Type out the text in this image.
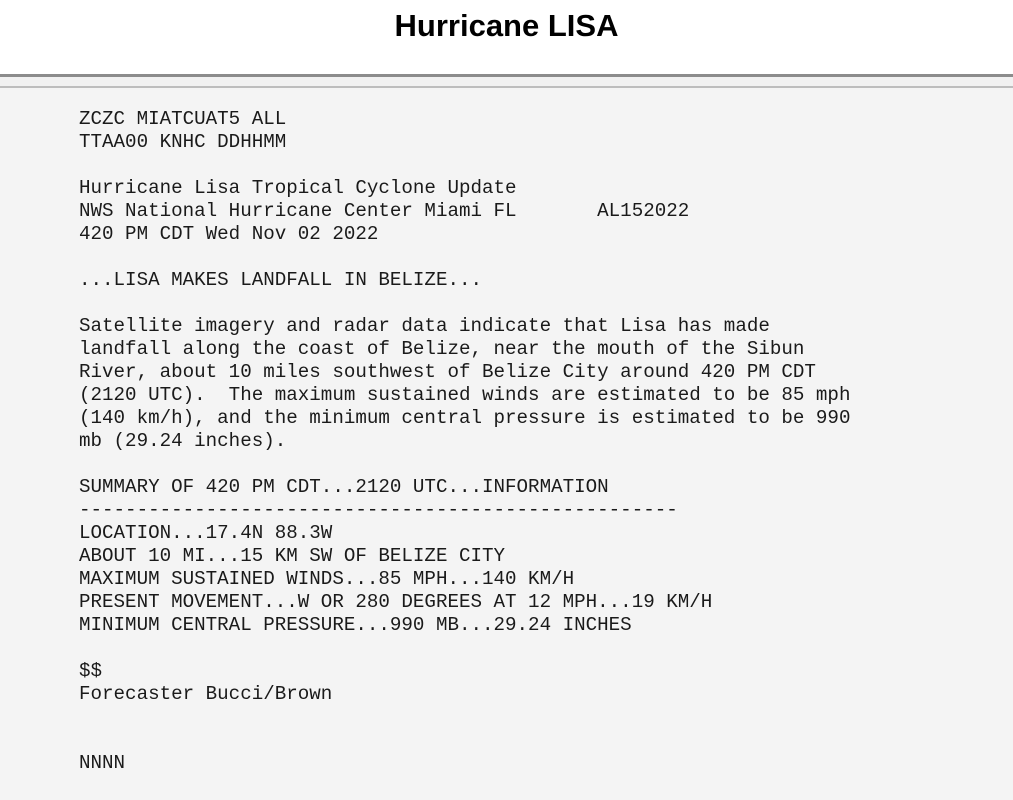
Hurricane LISA
ZCZC MIATCUAT5 ALL
TTAA00 KNHC DDHHMM

Hurricane Lisa Tropical Cyclone Update
NWS National Hurricane Center Miami FL       AL152022
420 PM CDT Wed Nov 02 2022

...LISA MAKES LANDFALL IN BELIZE...

Satellite imagery and radar data indicate that Lisa has made
landfall along the coast of Belize, near the mouth of the Sibun
River, about 10 miles southwest of Belize City around 420 PM CDT
(2120 UTC).  The maximum sustained winds are estimated to be 85 mph
(140 km/h), and the minimum central pressure is estimated to be 990
mb (29.24 inches).

SUMMARY OF 420 PM CDT...2120 UTC...INFORMATION
----------------------------------------------------
LOCATION...17.4N 88.3W
ABOUT 10 MI...15 KM SW OF BELIZE CITY
MAXIMUM SUSTAINED WINDS...85 MPH...140 KM/H
PRESENT MOVEMENT...W OR 280 DEGREES AT 12 MPH...19 KM/H
MINIMUM CENTRAL PRESSURE...990 MB...29.24 INCHES

$$
Forecaster Bucci/Brown

NNNN
